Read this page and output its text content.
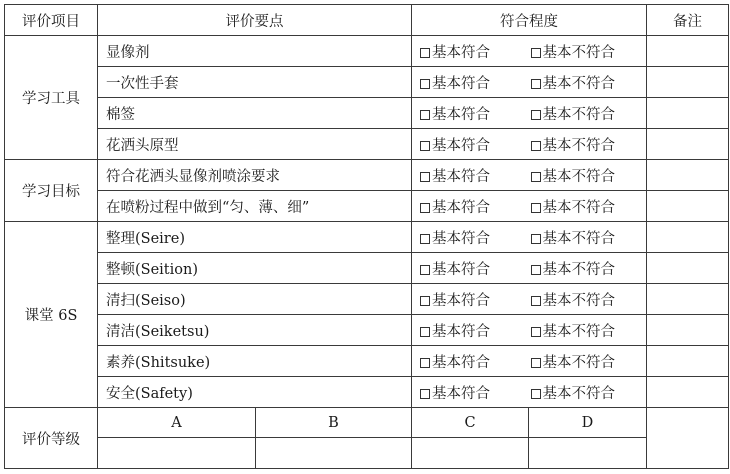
评价项目	评价要点		符合程度		备注
学习工具	显像剂		基本符合	基本不符合	
	一次性手套		基本符合	基本不符合	
	棉签		基本符合	基本不符合	
	花洒头原型		基本符合	基本不符合	
学习目标	符合花洒头显像剂喷涂要求		基本符合	基本不符合	
	在喷粉过程中做到“匀、薄、细”		基本符合	基本不符合	
课堂 6S	整理(Seire)		基本符合	基本不符合	
	整顿(Seition)		基本符合	基本不符合	
	清扫(Seiso)		基本符合	基本不符合	
	清洁(Seiketsu)		基本符合	基本不符合	
	素养(Shitsuke)		基本符合	基本不符合	
	安全(Safety)		基本符合	基本不符合	
评价等级	A	B	C	D	
